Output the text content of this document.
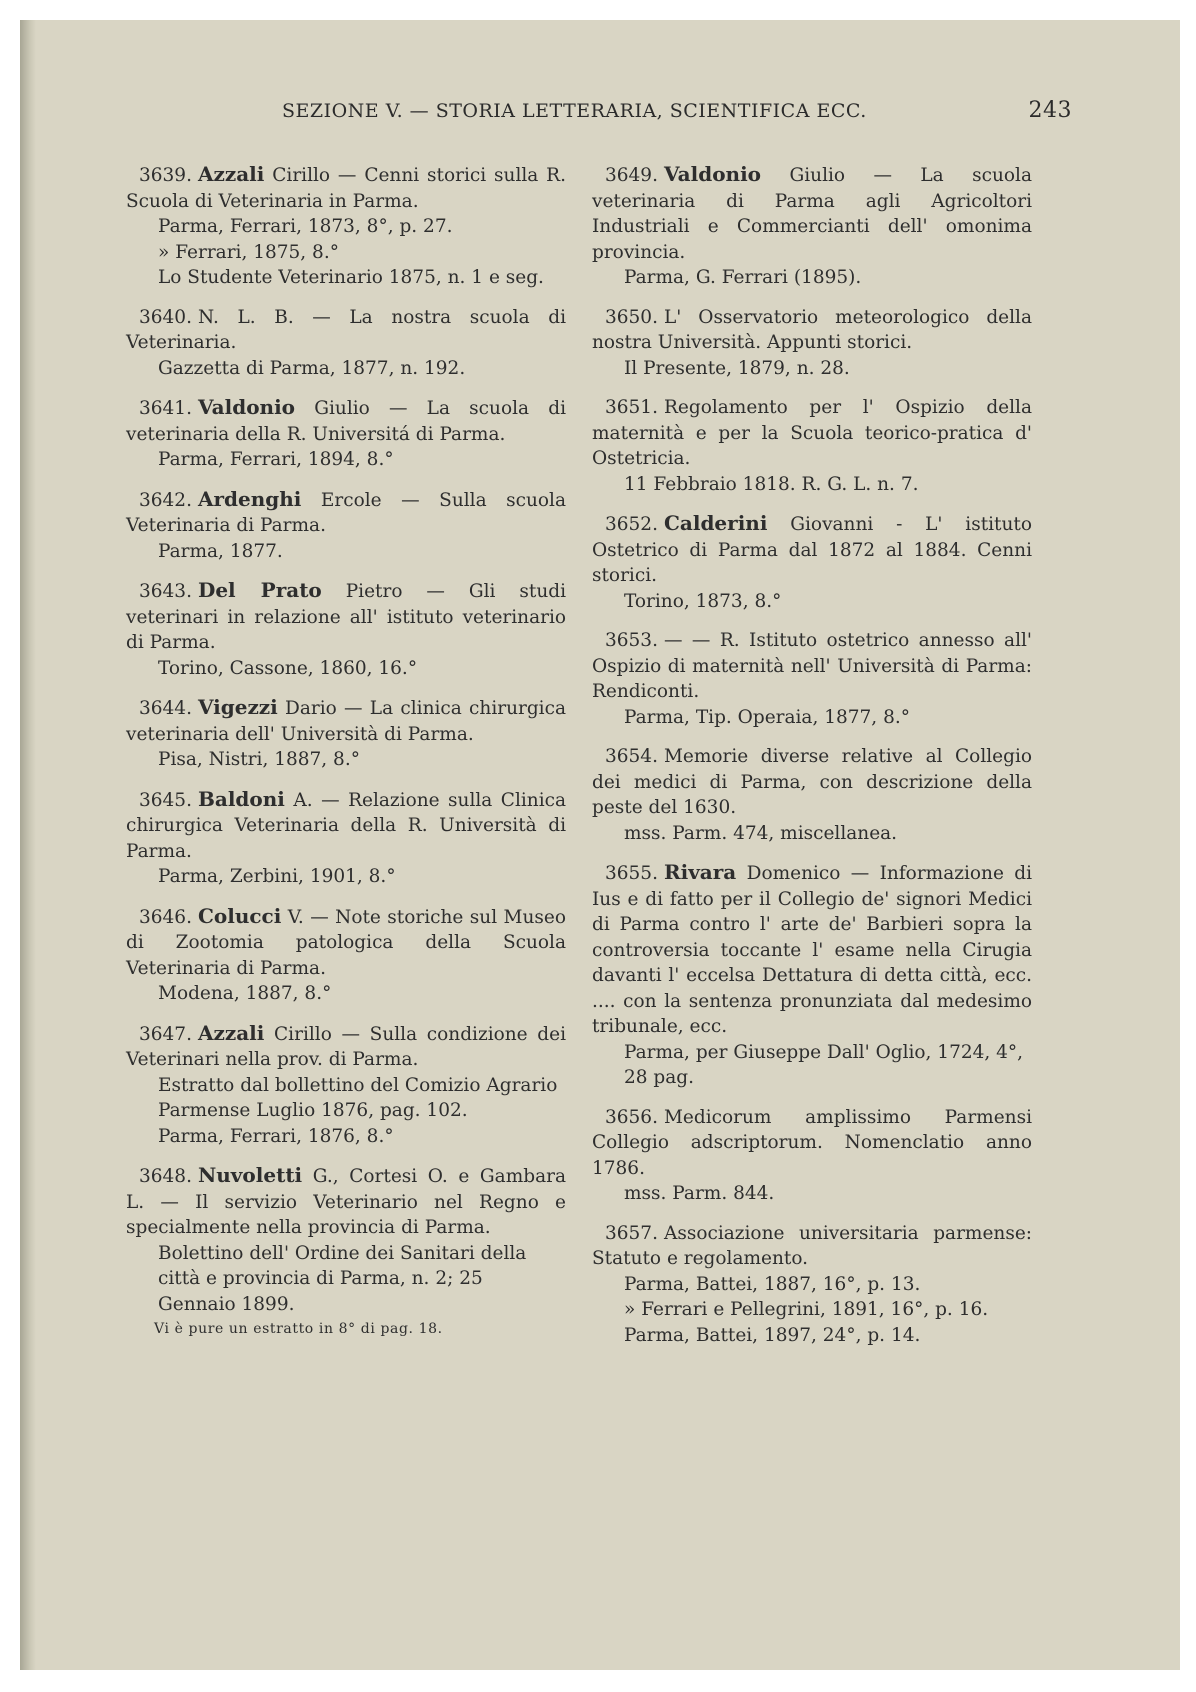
SEZIONE V. — STORIA LETTERARIA, SCIENTIFICA ECC.	243

3639. Azzali Cirillo — Cenni storici sulla R. Scuola di Veterinaria in Parma.

Parma, Ferrari, 1873, 8°, p. 27.

» Ferrari, 1875, 8.°

Lo Studente Veterinario 1875, n. 1 e seg.

3640. N. L. B. — La nostra scuola di Veterinaria.

Gazzetta di Parma, 1877, n. 192.

3641. Valdonio Giulio — La scuola di veterinaria della R. Universitá di Parma.

Parma, Ferrari, 1894, 8.°

3642. Ardenghi Ercole — Sulla scuola Veterinaria di Parma.

Parma, 1877.

3643. Del Prato Pietro — Gli studi veterinari in relazione all' istituto veterinario di Parma.

Torino, Cassone, 1860, 16.°

3644. Vigezzi Dario — La clinica chirurgica veterinaria dell' Università di Parma.

Pisa, Nistri, 1887, 8.°

3645. Baldoni A. — Relazione sulla Clinica chirurgica Veterinaria della R. Università di Parma.

Parma, Zerbini, 1901, 8.°

3646. Colucci V. — Note storiche sul Museo di Zootomia patologica della Scuola Veterinaria di Parma.

Modena, 1887, 8.°

3647. Azzali Cirillo — Sulla condizione dei Veterinari nella prov. di Parma.

Estratto dal bollettino del Comizio Agrario Parmense Luglio 1876, pag. 102.

Parma, Ferrari, 1876, 8.°

3648. Nuvoletti G., Cortesi O. e Gambara L. — Il servizio Veterinario nel Regno e specialmente nella provincia di Parma.

Bolettino dell' Ordine dei Sanitari della città e provincia di Parma, n. 2; 25 Gennaio 1899.

Vi è pure un estratto in 8° di pag. 18.

3649. Valdonio Giulio — La scuola veterinaria di Parma agli Agricoltori Industriali e Commercianti dell' omonima provincia.

Parma, G. Ferrari (1895).

3650. L' Osservatorio meteorologico della nostra Università. Appunti storici.

Il Presente, 1879, n. 28.

3651. Regolamento per l' Ospizio della maternità e per la Scuola teorico-pratica d' Ostetricia.

11 Febbraio 1818. R. G. L. n. 7.

3652. Calderini Giovanni - L' istituto Ostetrico di Parma dal 1872 al 1884. Cenni storici.

Torino, 1873, 8.°

3653. — — R. Istituto ostetrico annesso all' Ospizio di maternità nell' Università di Parma: Rendiconti.

Parma, Tip. Operaia, 1877, 8.°

3654. Memorie diverse relative al Collegio dei medici di Parma, con descrizione della peste del 1630.

mss. Parm. 474, miscellanea.

3655. Rivara Domenico — Informazione di Ius e di fatto per il Collegio de' signori Medici di Parma contro l' arte de' Barbieri sopra la controversia toccante l' esame nella Cirugia davanti l' eccelsa Dettatura di detta città, ecc. .... con la sentenza pronunziata dal medesimo tribunale, ecc.

Parma, per Giuseppe Dall' Oglio, 1724, 4°, 28 pag.

3656. Medicorum amplissimo Parmensi Collegio adscriptorum. Nomenclatio anno 1786.

mss. Parm. 844.

3657. Associazione universitaria parmense: Statuto e regolamento.

Parma, Battei, 1887, 16°, p. 13.

» Ferrari e Pellegrini, 1891, 16°, p. 16.

Parma, Battei, 1897, 24°, p. 14.
